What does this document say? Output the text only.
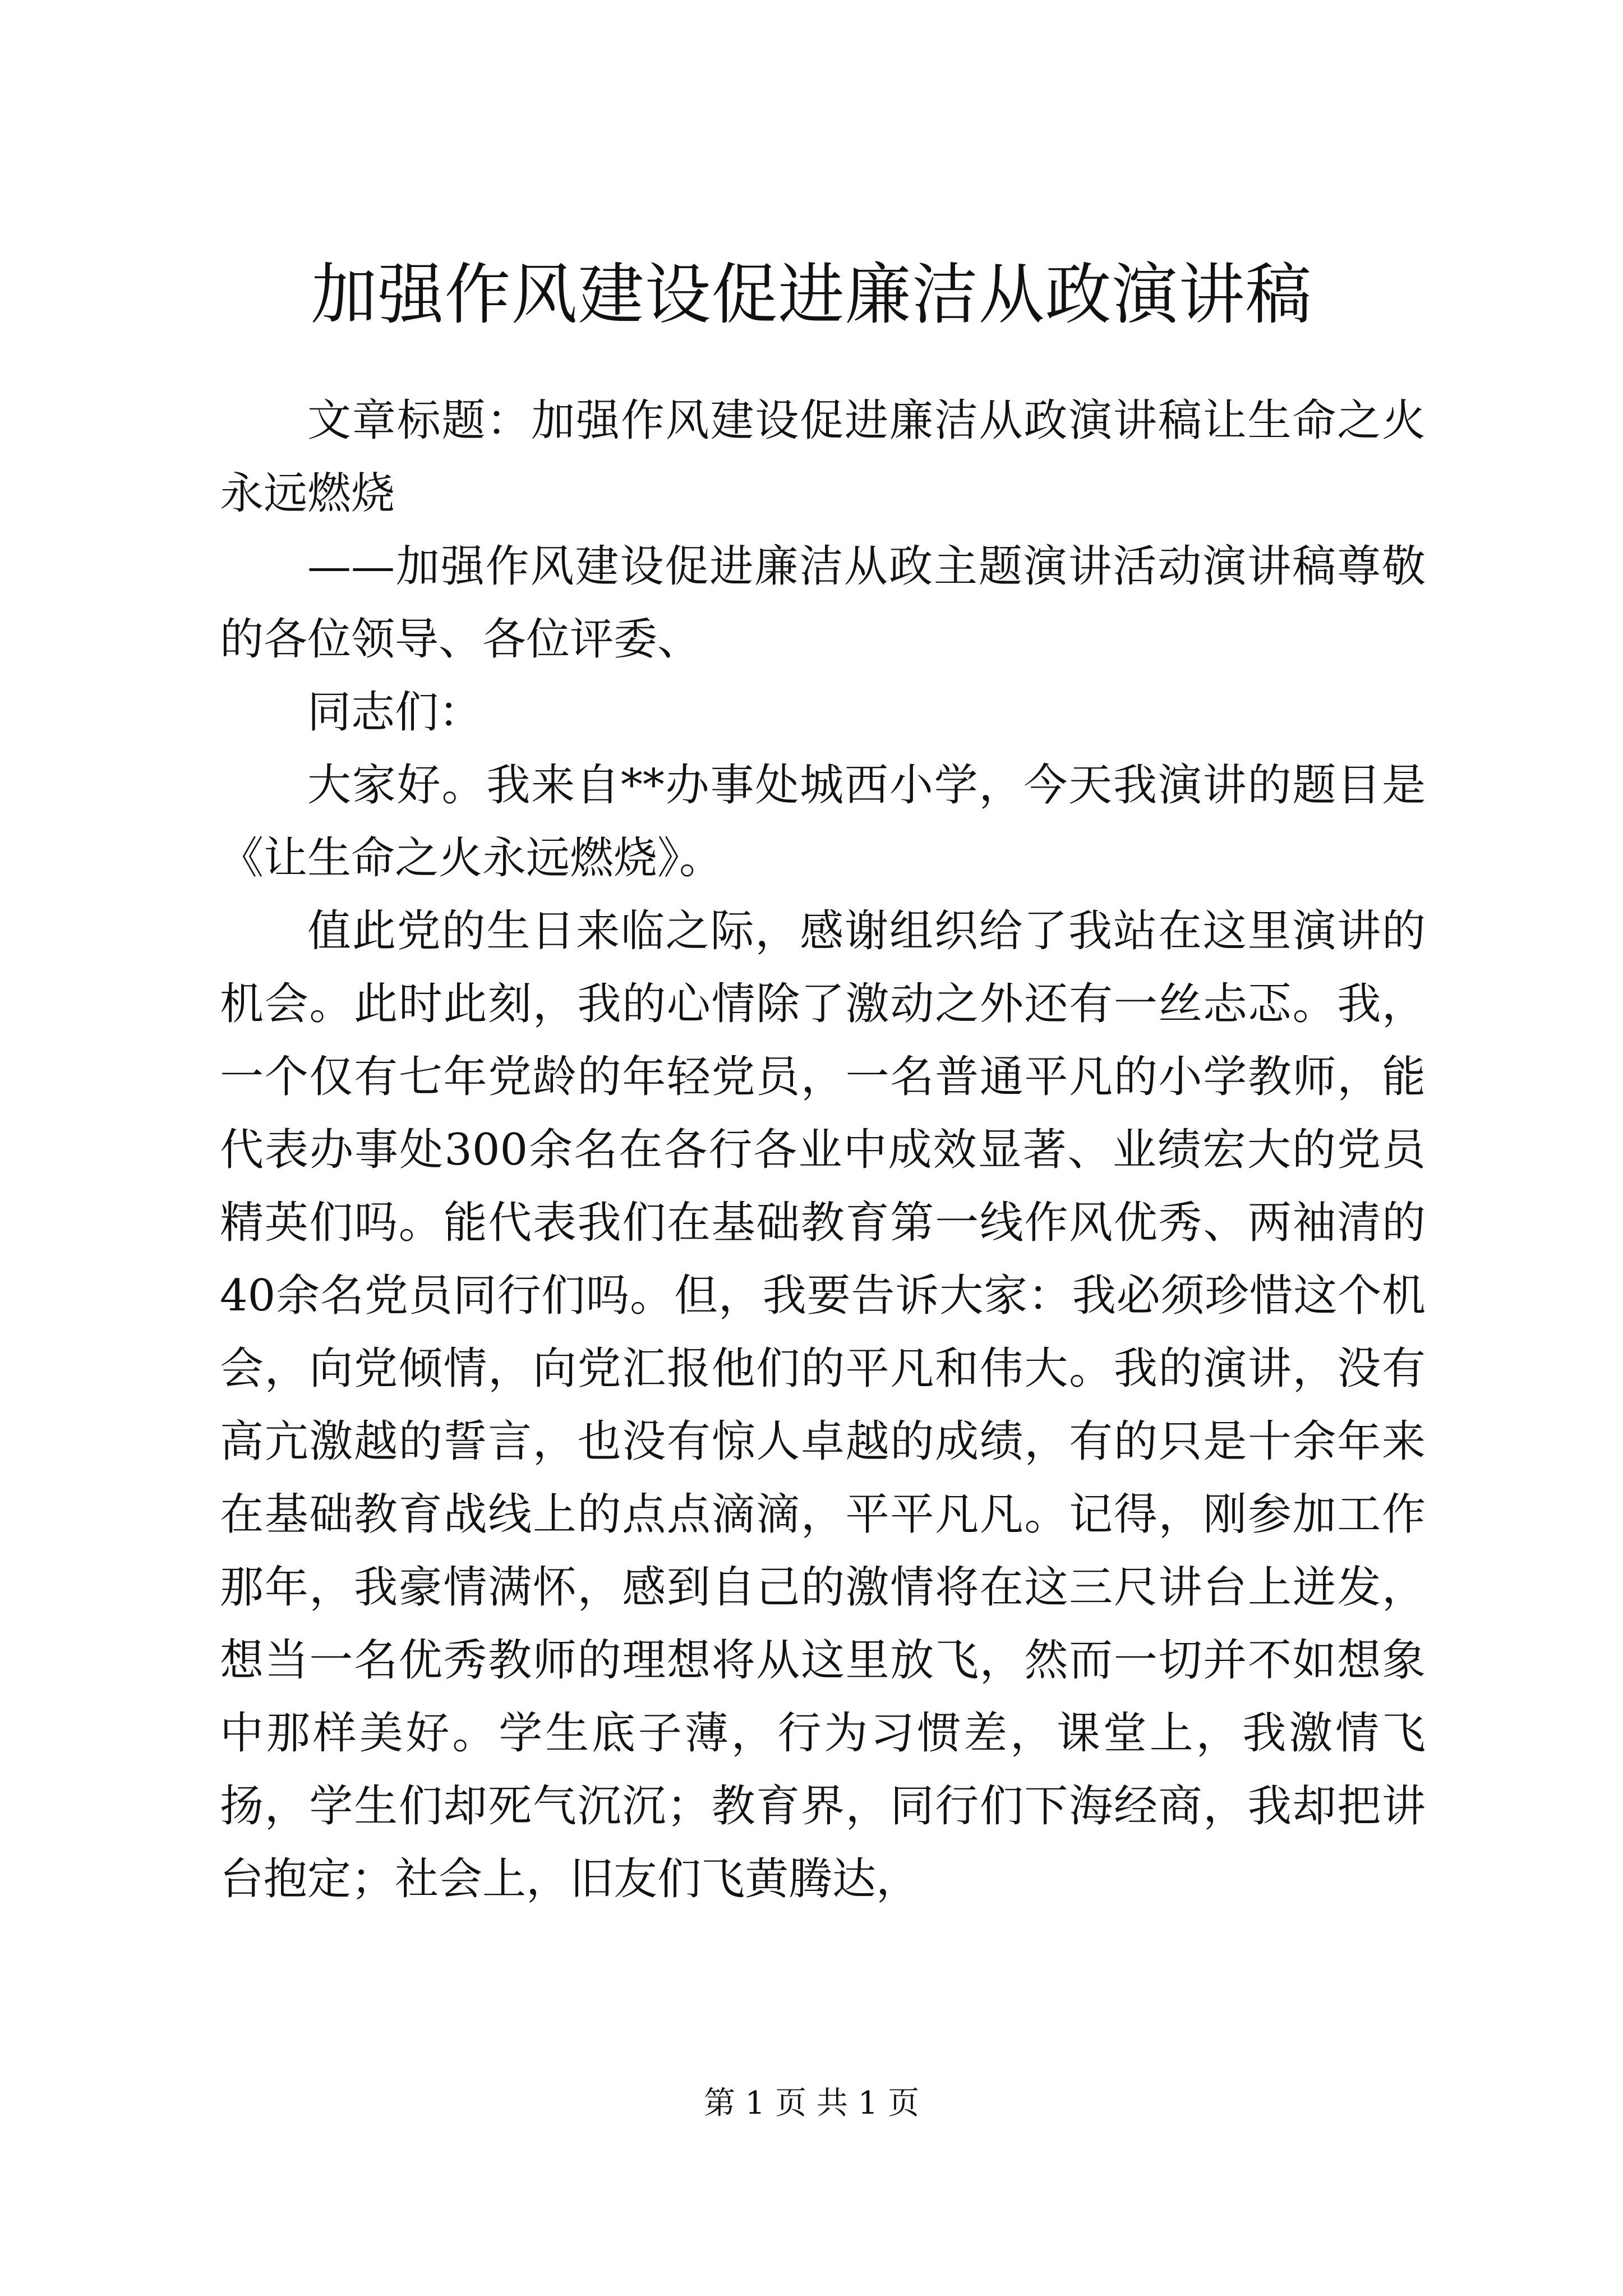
加强作风建设促进廉洁从政演讲稿

文章标题：加强作风建设促进廉洁从政演讲稿让生命之火永远燃烧

——加强作风建设促进廉洁从政主题演讲活动演讲稿尊敬的各位领导、各位评委、

同志们：

大家好。我来自**办事处城西小学，今天我演讲的题目是《让生命之火永远燃烧》。

值此党的生日来临之际，感谢组织给了我站在这里演讲的机会。此时此刻，我的心情除了激动之外还有一丝忐忑。我，一个仅有七年党龄的年轻党员，一名普通平凡的小学教师，能代表办事处300余名在各行各业中成效显著、业绩宏大的党员精英们吗。能代表我们在基础教育第一线作风优秀、两袖清的40余名党员同行们吗。但，我要告诉大家：我必须珍惜这个机会，向党倾情，向党汇报他们的平凡和伟大。我的演讲，没有高亢激越的誓言，也没有惊人卓越的成绩，有的只是十余年来在基础教育战线上的点点滴滴，平平凡凡。记得，刚参加工作那年，我豪情满怀，感到自己的激情将在这三尺讲台上迸发，想当一名优秀教师的理想将从这里放飞，然而一切并不如想象中那样美好。学生底子薄，行为习惯差，课堂上，我激情飞扬，学生们却死气沉沉；教育界，同行们下海经商，我却把讲台抱定；社会上，旧友们飞黄腾达，

第 1 页 共 1 页
